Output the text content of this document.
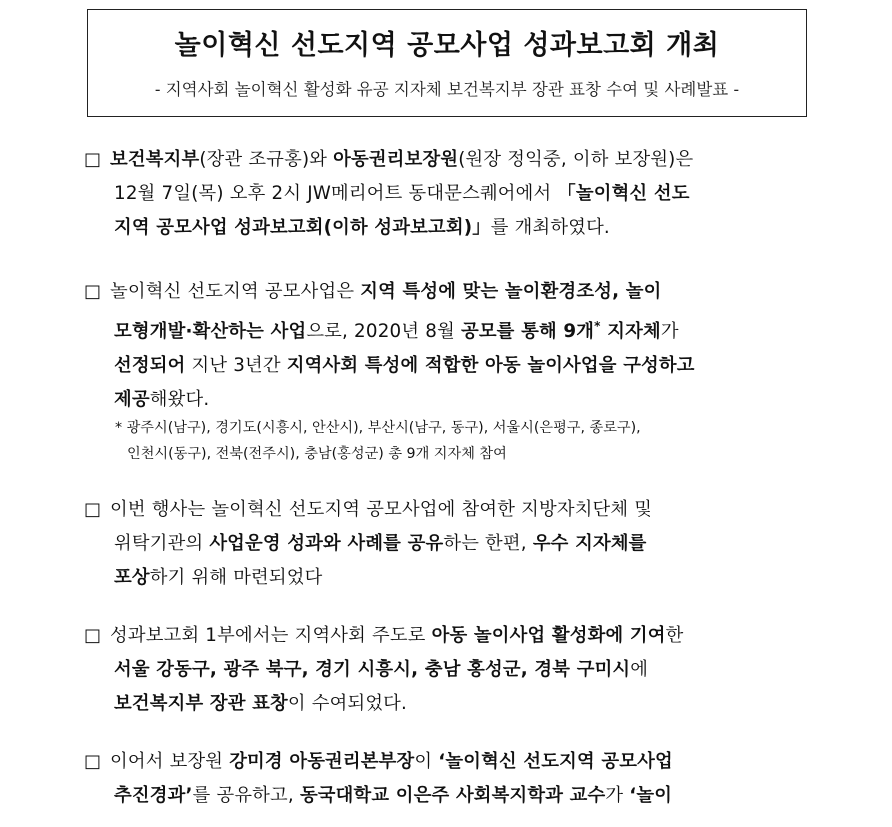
놀이혁신 선도지역 공모사업 성과보고회 개최
- 지역사회 놀이혁신 활성화 유공 지자체 보건복지부 장관 표창 수여 및 사례발표 -
□ 보건복지부(장관 조규홍)와 아동권리보장원(원장 정익중, 이하 보장원)은
12월 7일(목) 오후 2시 JW메리어트 동대문스퀘어에서 「놀이혁신 선도
지역 공모사업 성과보고회(이하 성과보고회)」를 개최하였다.
□ 놀이혁신 선도지역 공모사업은 지역 특성에 맞는 놀이환경조성, 놀이
모형개발·확산하는 사업으로, 2020년 8월 공모를 통해 9개* 지자체가
선정되어 지난 3년간 지역사회 특성에 적합한 아동 놀이사업을 구성하고
제공해왔다.
* 광주시(남구), 경기도(시흥시, 안산시), 부산시(남구, 동구), 서울시(은평구, 종로구),
인천시(동구), 전북(전주시), 충남(홍성군) 총 9개 지자체 참여
□ 이번 행사는 놀이혁신 선도지역 공모사업에 참여한 지방자치단체 및
위탁기관의 사업운영 성과와 사례를 공유하는 한편, 우수 지자체를
포상하기 위해 마련되었다
□ 성과보고회 1부에서는 지역사회 주도로 아동 놀이사업 활성화에 기여한
서울 강동구, 광주 북구, 경기 시흥시, 충남 홍성군, 경북 구미시에
보건복지부 장관 표창이 수여되었다.
□ 이어서 보장원 강미경 아동권리본부장이 ‘놀이혁신 선도지역 공모사업
추진경과’를 공유하고, 동국대학교 이은주 사회복지학과 교수가 ‘놀이
